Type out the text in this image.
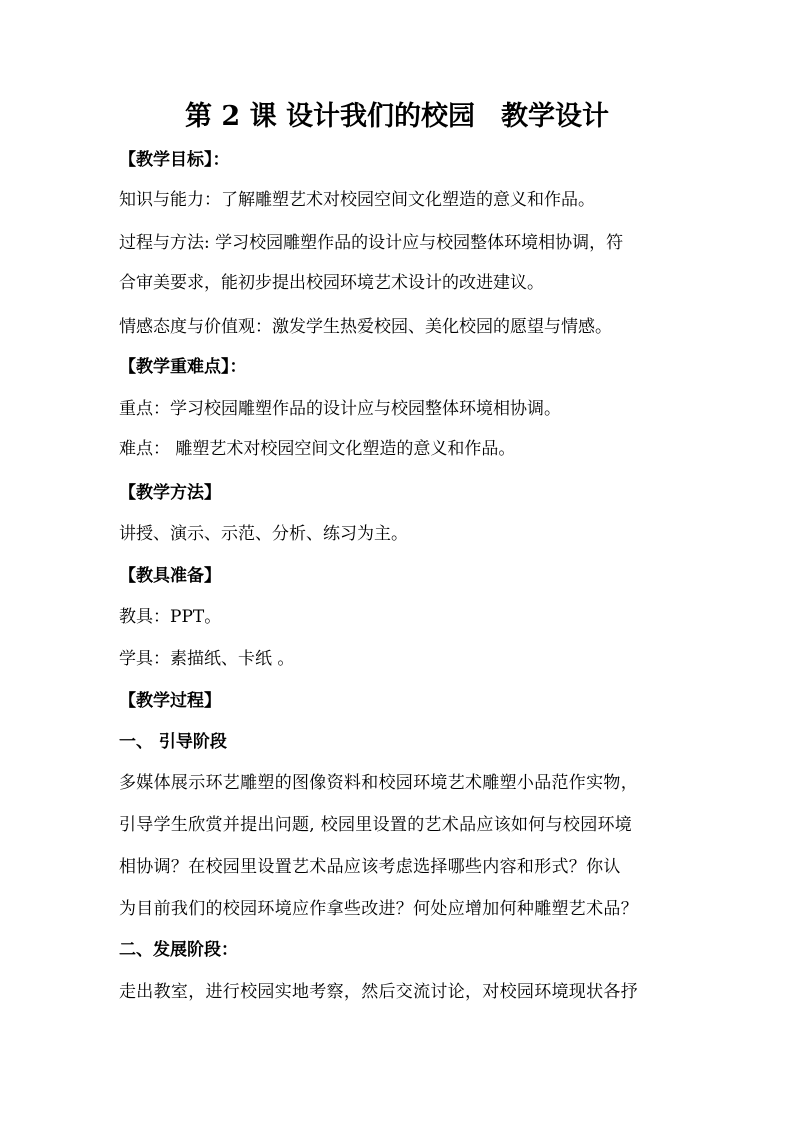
第 2 课 设计我们的校园 教学设计
【教学目标】：
知识与能力：了解雕塑艺术对校园空间文化塑造的意义和作品。
过程与方法: 学习校园雕塑作品的设计应与校园整体环境相协调，符
合审美要求，能初步提出校园环境艺术设计的改进建议。
情感态度与价值观：激发学生热爱校园、美化校园的愿望与情感。
【教学重难点】：
重点：学习校园雕塑作品的设计应与校园整体环境相协调。
难点： 雕塑艺术对校园空间文化塑造的意义和作品。
【教学方法】
讲授、演示、示范、分析、练习为主。
【教具准备】
教具：PPT。
学具：素描纸、卡纸 。
【教学过程】
一、 引导阶段
多媒体展示环艺雕塑的图像资料和校园环境艺术雕塑小品范作实物，
引导学生欣赏并提出问题, 校园里设置的艺术品应该如何与校园环境
相协调？在校园里设置艺术品应该考虑选择哪些内容和形式？你认
为目前我们的校园环境应作拿些改进？何处应增加何种雕塑艺术品？
二、发展阶段：
走出教室，进行校园实地考察，然后交流讨论，对校园环境现状各抒
